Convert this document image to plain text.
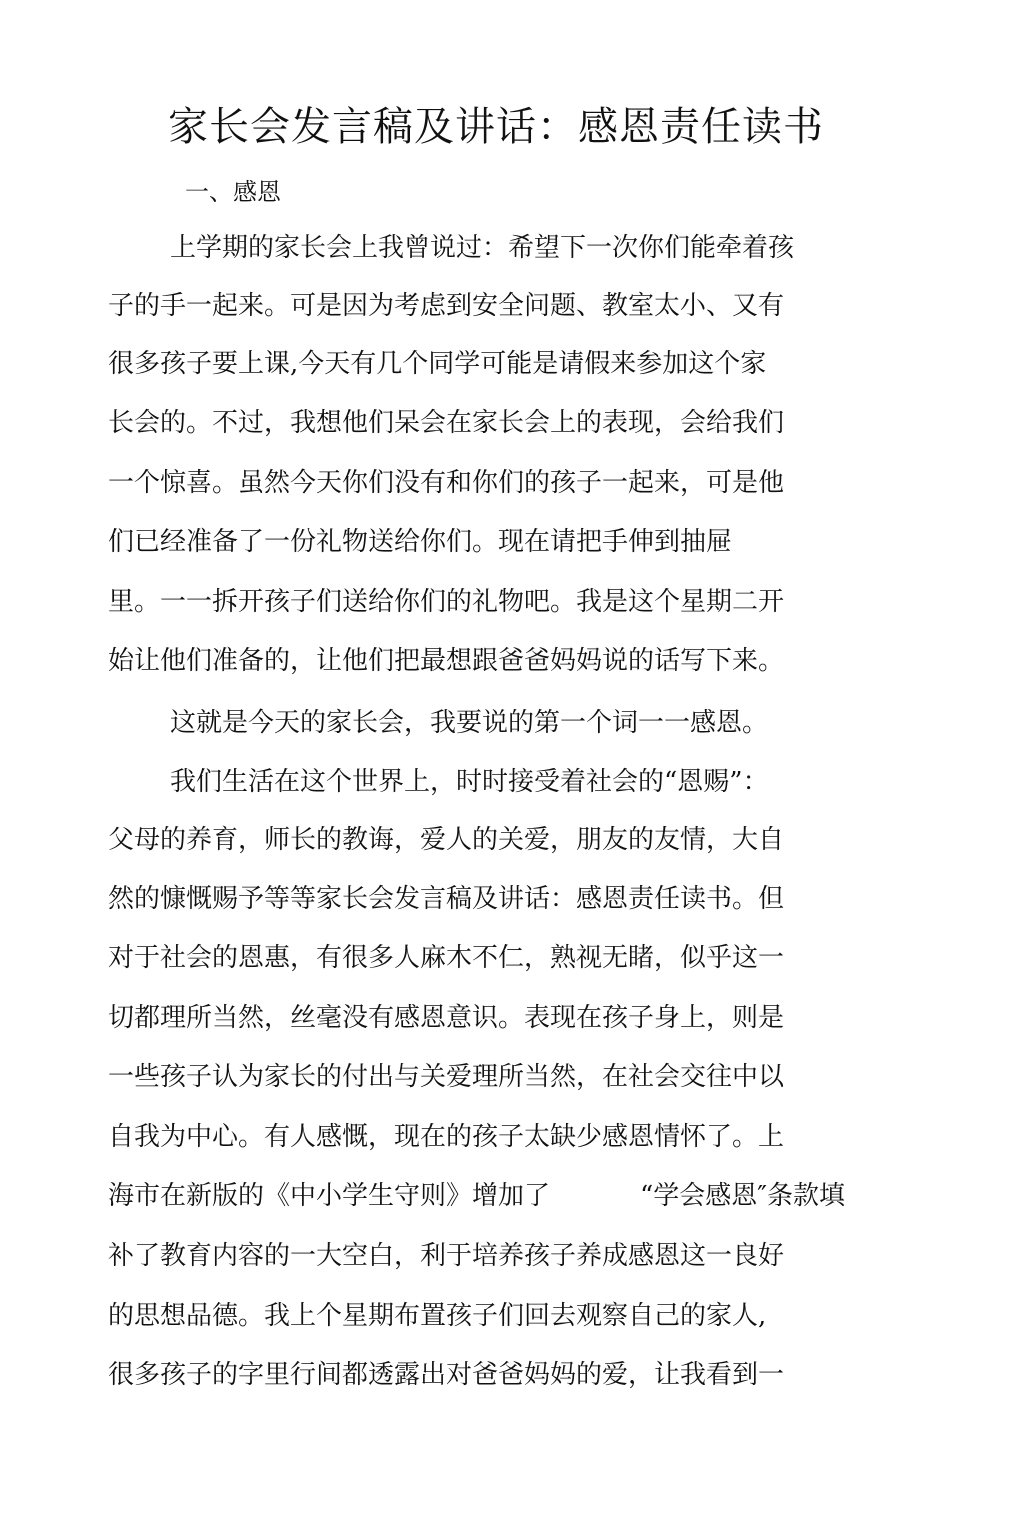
家长会发言稿及讲话：感恩责任读书
一、感恩
上学期的家长会上我曾说过：希望下一次你们能牵着孩
子的手一起来。可是因为考虑到安全问题、教室太小、又有
很多孩子要上课,今天有几个同学可能是请假来参加这个家
长会的。不过，我想他们呆会在家长会上的表现，会给我们
一个惊喜。虽然今天你们没有和你们的孩子一起来，可是他
们已经准备了一份礼物送给你们。现在请把手伸到抽屉
里。一一拆开孩子们送给你们的礼物吧。我是这个星期二开
始让他们准备的，让他们把最想跟爸爸妈妈说的话写下来。
这就是今天的家长会，我要说的第一个词一一感恩。
我们生活在这个世界上，时时接受着社会的“恩赐”：
父母的养育，师长的教诲，爱人的关爱，朋友的友情，大自
然的慷慨赐予等等家长会发言稿及讲话：感恩责任读书。但
对于社会的恩惠，有很多人麻木不仁，熟视无睹，似乎这一
切都理所当然，丝毫没有感恩意识。表现在孩子身上，则是
一些孩子认为家长的付出与关爱理所当然，在社会交往中以
自我为中心。有人感慨，现在的孩子太缺少感恩情怀了。上
海市在新版的《中小学生守则》增加了	“学会感恩″条款填
补了教育内容的一大空白，利于培养孩子养成感恩这一良好
的思想品德。我上个星期布置孩子们回去观察自己的家人,
很多孩子的字里行间都透露出对爸爸妈妈的爱，让我看到一
